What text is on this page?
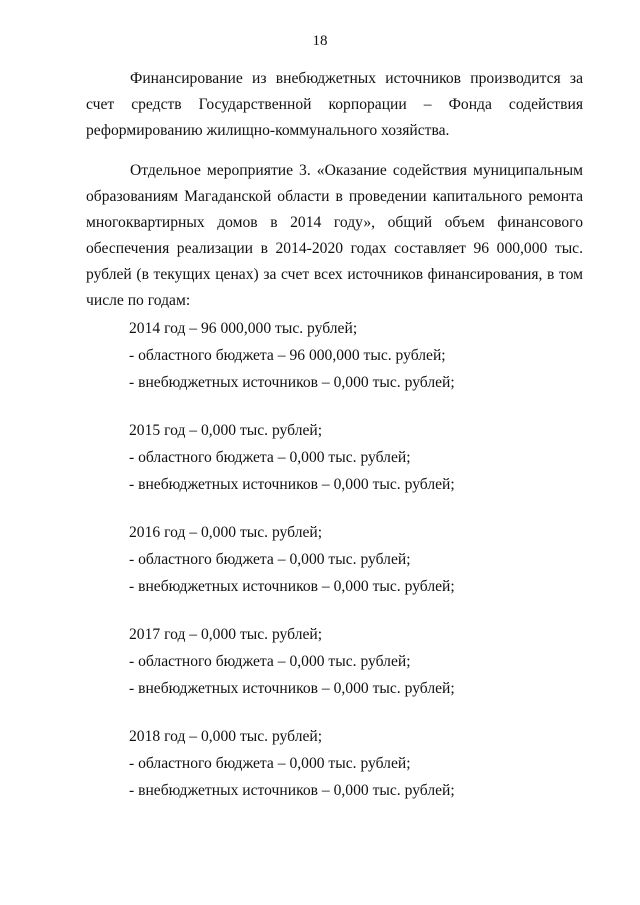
18

Финансирование из внебюджетных источников производится за счет средств Государственной корпорации – Фонда содействия реформированию жилищно-коммунального хозяйства.

Отдельное мероприятие 3. «Оказание содействия муниципальным образованиям Магаданской области в проведении капитального ремонта многоквартирных домов в 2014 году», общий объем финансового обеспечения реализации в 2014-2020 годах составляет 96 000,000 тыс. рублей (в текущих ценах) за счет всех источников финансирования, в том числе по годам:

2014 год – 96 000,000 тыс. рублей;
- областного бюджета – 96 000,000 тыс. рублей;
- внебюджетных источников – 0,000 тыс. рублей;
2015 год – 0,000 тыс. рублей;
- областного бюджета – 0,000 тыс. рублей;
- внебюджетных источников – 0,000 тыс. рублей;
2016 год – 0,000 тыс. рублей;
- областного бюджета – 0,000 тыс. рублей;
- внебюджетных источников – 0,000 тыс. рублей;
2017 год – 0,000 тыс. рублей;
- областного бюджета – 0,000 тыс. рублей;
- внебюджетных источников – 0,000 тыс. рублей;
2018 год – 0,000 тыс. рублей;
- областного бюджета – 0,000 тыс. рублей;
- внебюджетных источников – 0,000 тыс. рублей;
